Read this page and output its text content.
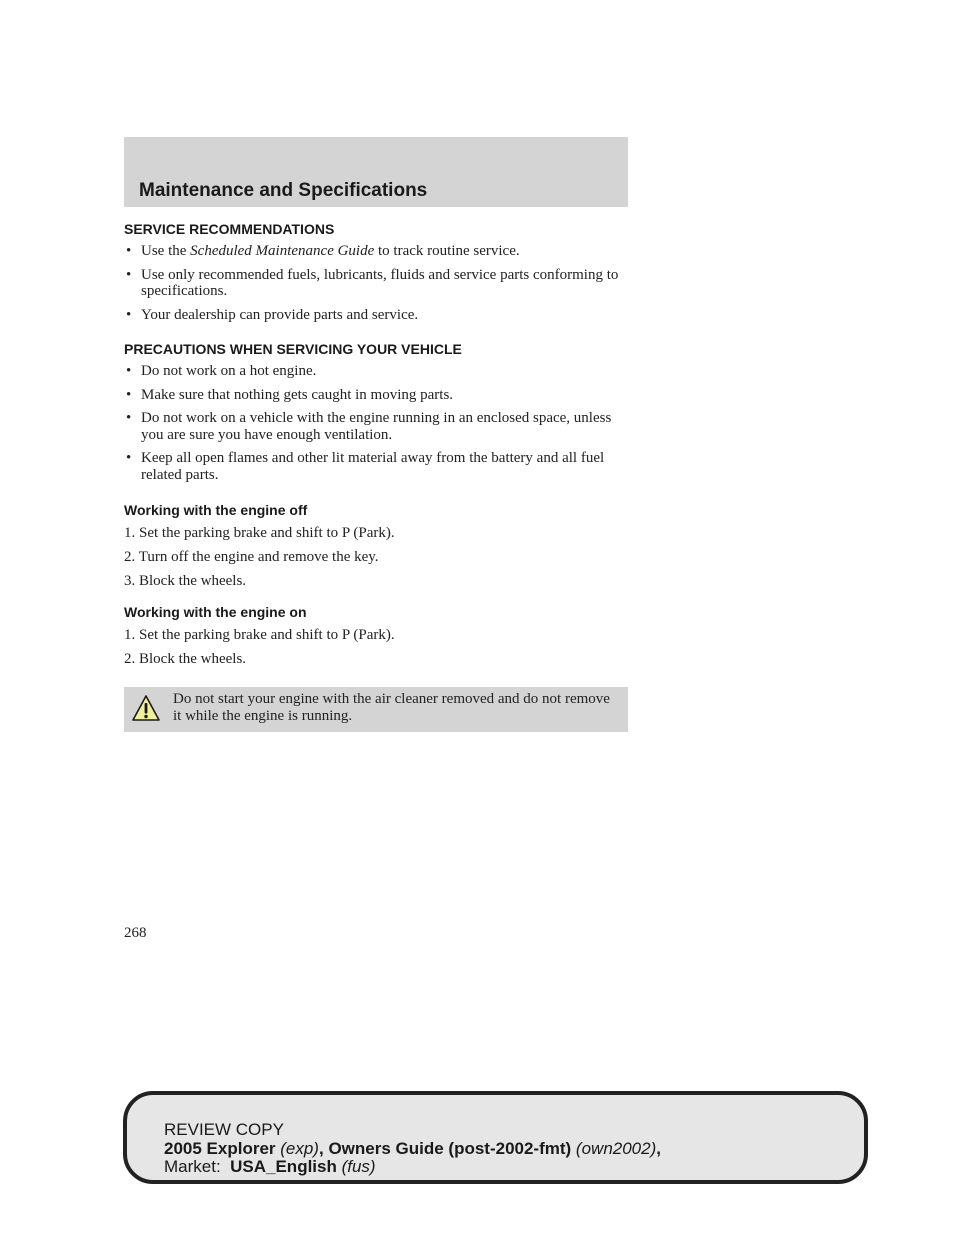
Maintenance and Specifications
SERVICE RECOMMENDATIONS
• Use the Scheduled Maintenance Guide to track routine service.
• Use only recommended fuels, lubricants, fluids and service parts conforming to specifications.
• Your dealership can provide parts and service.
PRECAUTIONS WHEN SERVICING YOUR VEHICLE
• Do not work on a hot engine.
• Make sure that nothing gets caught in moving parts.
• Do not work on a vehicle with the engine running in an enclosed space, unless you are sure you have enough ventilation.
• Keep all open flames and other lit material away from the battery and all fuel related parts.
Working with the engine off
1. Set the parking brake and shift to P (Park).
2. Turn off the engine and remove the key.
3. Block the wheels.
Working with the engine on
1. Set the parking brake and shift to P (Park).
2. Block the wheels.
Do not start your engine with the air cleaner removed and do not remove it while the engine is running.
268
REVIEW COPY
2005 Explorer (exp), Owners Guide (post-2002-fmt) (own2002),
Market:  USA_English (fus)
